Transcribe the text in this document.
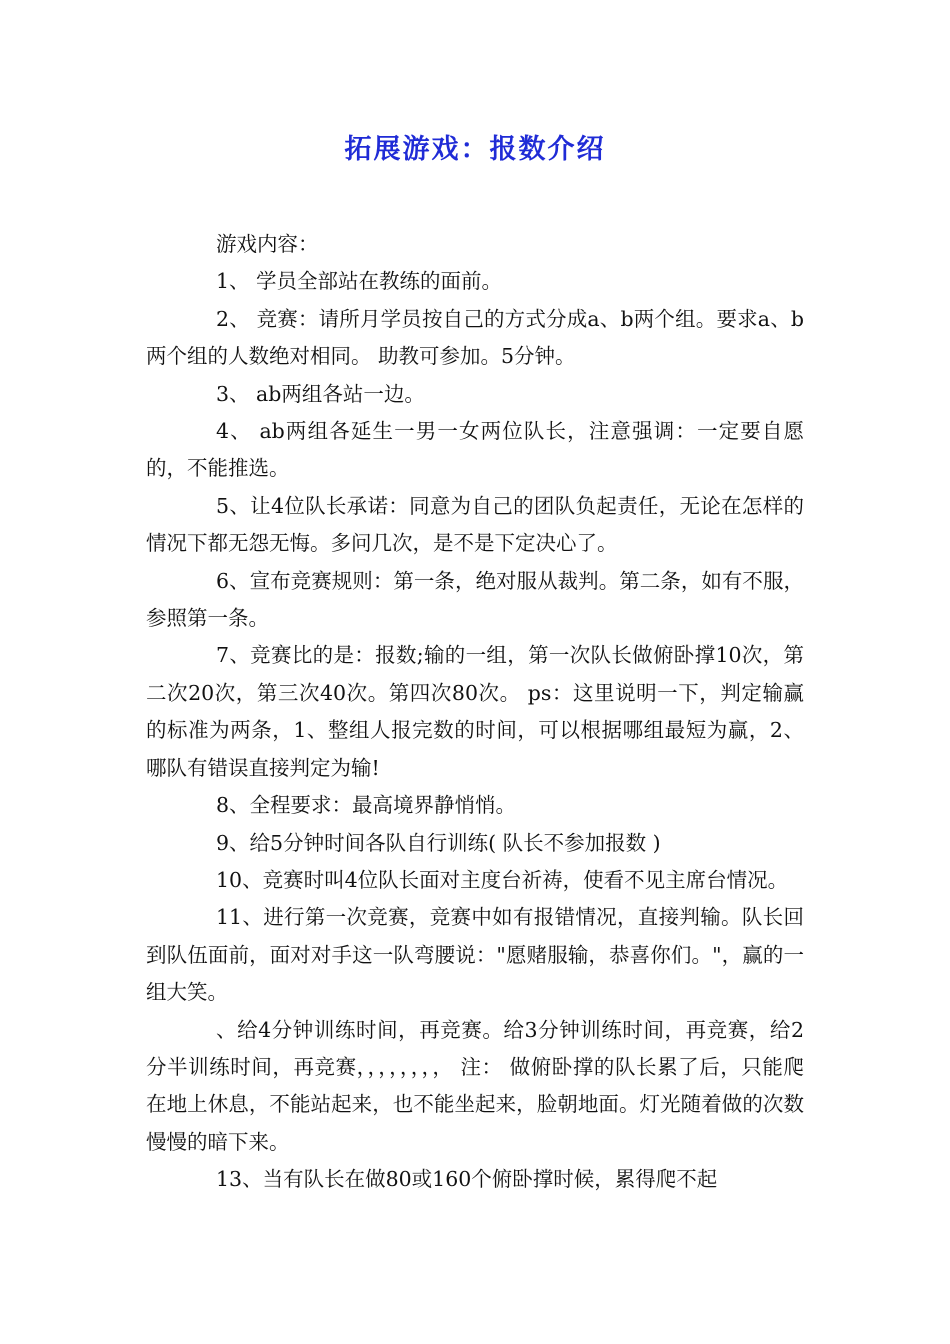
拓展游戏：报数介绍

游戏内容：

1、 学员全部站在教练的面前。

2、 竞赛：请所月学员按自己的方式分成a、b两个组。要求a、b两个组的人数绝对相同。 助教可参加。5分钟。

3、 ab两组各站一边。

4、 ab两组各延生一男一女两位队长，注意强调：一定要自愿的，不能推选。

5、让4位队长承诺：同意为自己的团队负起责任，无论在怎样的情况下都无怨无悔。多问几次，是不是下定决心了。

6、宣布竞赛规则：第一条，绝对服从裁判。第二条，如有不服，参照第一条。

7、竞赛比的是：报数;输的一组，第一次队长做俯卧撑10次，第二次20次，第三次40次。第四次80次。 ps：这里说明一下，判定输赢的标准为两条，1、整组人报完数的时间，可以根据哪组最短为赢，2、哪队有错误直接判定为输!

8、全程要求：最高境界静悄悄。

9、给5分钟时间各队自行训练( 队长不参加报数 )

10、竞赛时叫4位队长面对主度台祈祷，使看不见主席台情况。

11、进行第一次竞赛，竞赛中如有报错情况，直接判输。队长回到队伍面前，面对对手这一队弯腰说："愿赌服输，恭喜你们。"，赢的一组大笑。

、给4分钟训练时间，再竞赛。给3分钟训练时间，再竞赛，给2分半训练时间，再竞赛，，，，，，，， 注： 做俯卧撑的队长累了后，只能爬在地上休息，不能站起来，也不能坐起来，脸朝地面。灯光随着做的次数慢慢的暗下来。

13、当有队长在做80或160个俯卧撑时候，累得爬不起
